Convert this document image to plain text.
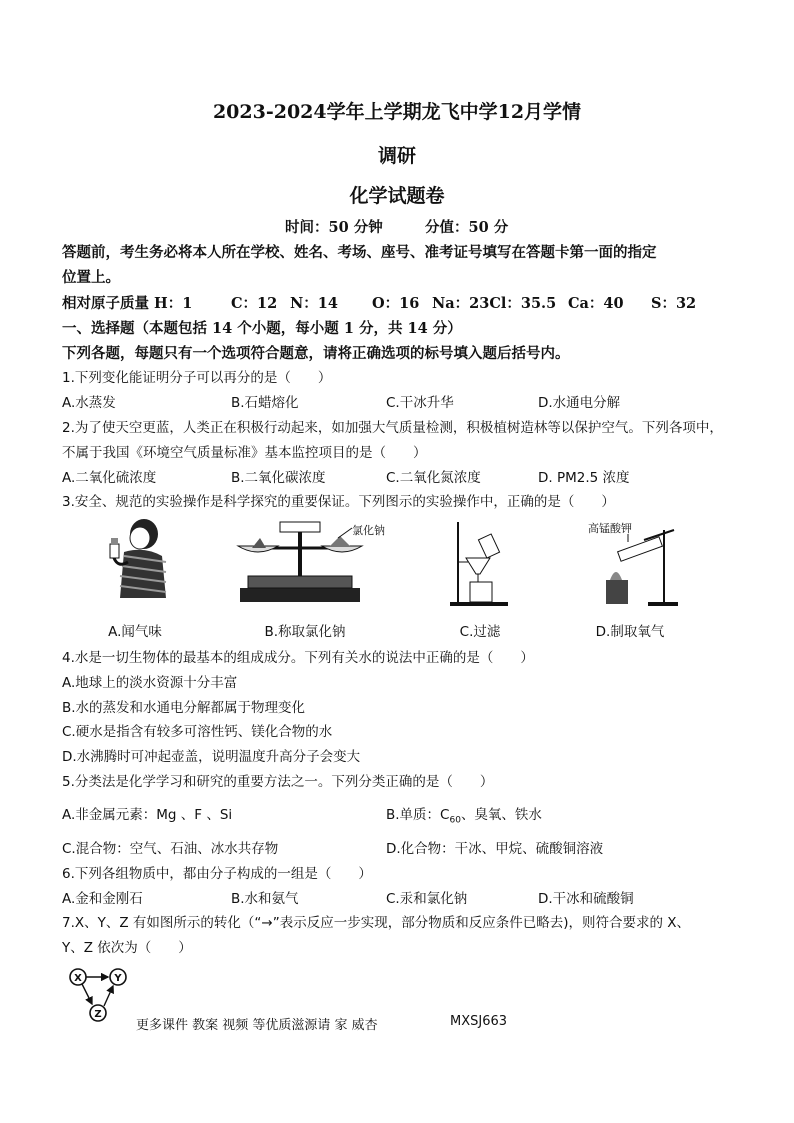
2023-2024学年上学期龙飞中学12月学情
调研
化学试题卷
时间：50 分钟	分值：50 分
答题前，考生务必将本人所在学校、姓名、考场、座号、准考证号填写在答题卡第一面的指定
位置上。
相对原子质量 H：1	C：12 N：14 O：16 Na：23Cl：35.5 Ca：40 S：32
一、选择题（本题包括 14 个小题，每小题 1 分，共 14 分）
下列各题，每题只有一个选项符合题意，请将正确选项的标号填入题后括号内。
1.下列变化能证明分子可以再分的是（　　）
A.水蒸发	B.石蜡熔化	C.干冰升华	D.水通电分解
2.为了使天空更蓝，人类正在积极行动起来，如加强大气质量检测，积极植树造林等以保护空气。下列各项中，
不属于我国《环境空气质量标准》基本监控项目的是（　　）
A.二氧化硫浓度	B.二氧化碳浓度	C.二氧化氮浓度	D. PM2.5 浓度
3.安全、规范的实验操作是科学探究的重要保证。下列图示的实验操作中，正确的是（　　）
氯化钠	高锰酸钾
A.闻气味	B.称取氯化钠	C.过滤	D.制取氧气
4.水是一切生物体的最基本的组成成分。下列有关水的说法中正确的是（　　）
A.地球上的淡水资源十分丰富
B.水的蒸发和水通电分解都属于物理变化
C.硬水是指含有较多可溶性钙、镁化合物的水
D.水沸腾时可冲起壶盖，说明温度升高分子会变大
5.分类法是化学学习和研究的重要方法之一。下列分类正确的是（　　）
A.非金属元素：Mg 、F 、Si	B.单质：$C_{60}$、臭氧、铁水
C.混合物：空气、石油、冰水共存物	D.化合物：干冰、甲烷、硫酸铜溶液
6.下列各组物质中，都由分子构成的一组是（　　）
A.金和金刚石	B.水和氨气	C.汞和氯化钠	D.干冰和硫酸铜
7.X、Y、Z 有如图所示的转化（“→”表示反应一步实现，部分物质和反应条件已略去)，则符合要求的 X、
Y、Z 依次为（　　）
X	Y
Z
更多课件 教案 视频 等优质滋源请 家 威杏	MXSJ663
